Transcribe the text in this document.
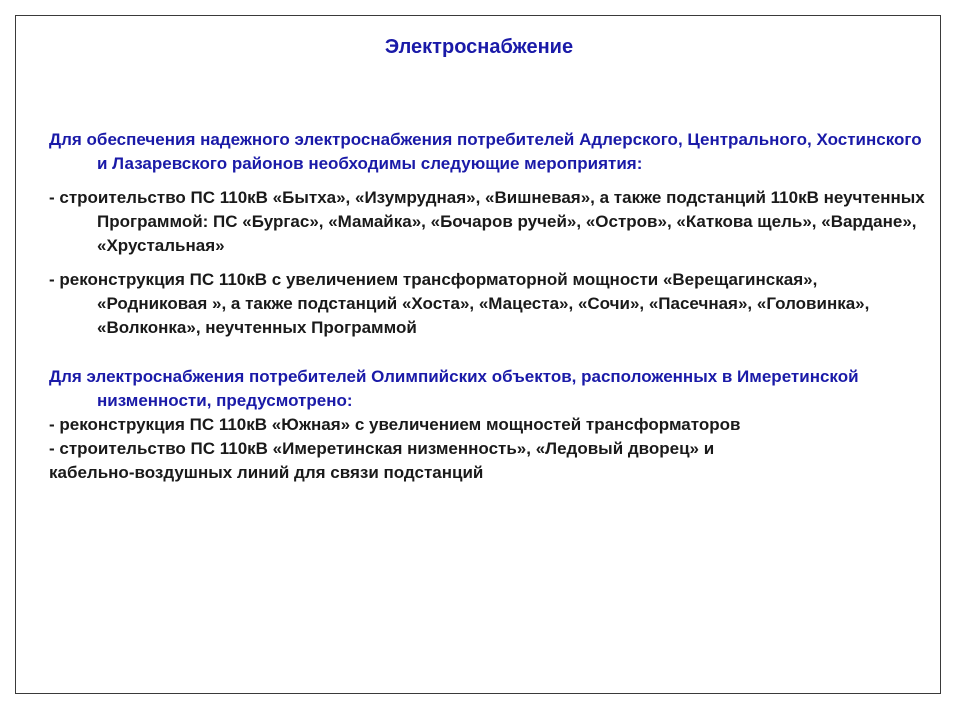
Электроснабжение

Для обеспечения надежного электроснабжения потребителей Адлерского, Центрального, Хостинского и Лазаревского районов необходимы следующие мероприятия:

- строительство ПС 110кВ «Бытха», «Изумрудная», «Вишневая», а также подстанций 110кВ неучтенных Программой: ПС «Бургас», «Мамайка», «Бочаров ручей», «Остров», «Каткова щель», «Вардане», «Хрустальная»

- реконструкция ПС 110кВ с увеличением трансформаторной мощности «Верещагинская», «Родниковая », а также подстанций «Хоста», «Мацеста», «Сочи», «Пасечная», «Головинка», «Волконка», неучтенных Программой

Для электроснабжения потребителей Олимпийских объектов, расположенных в Имеретинской низменности, предусмотрено:

- реконструкция ПС 110кВ «Южная» с увеличением мощностей трансформаторов

- строительство ПС 110кВ «Имеретинская низменность», «Ледовый дворец» и

кабельно-воздушных линий для связи подстанций
